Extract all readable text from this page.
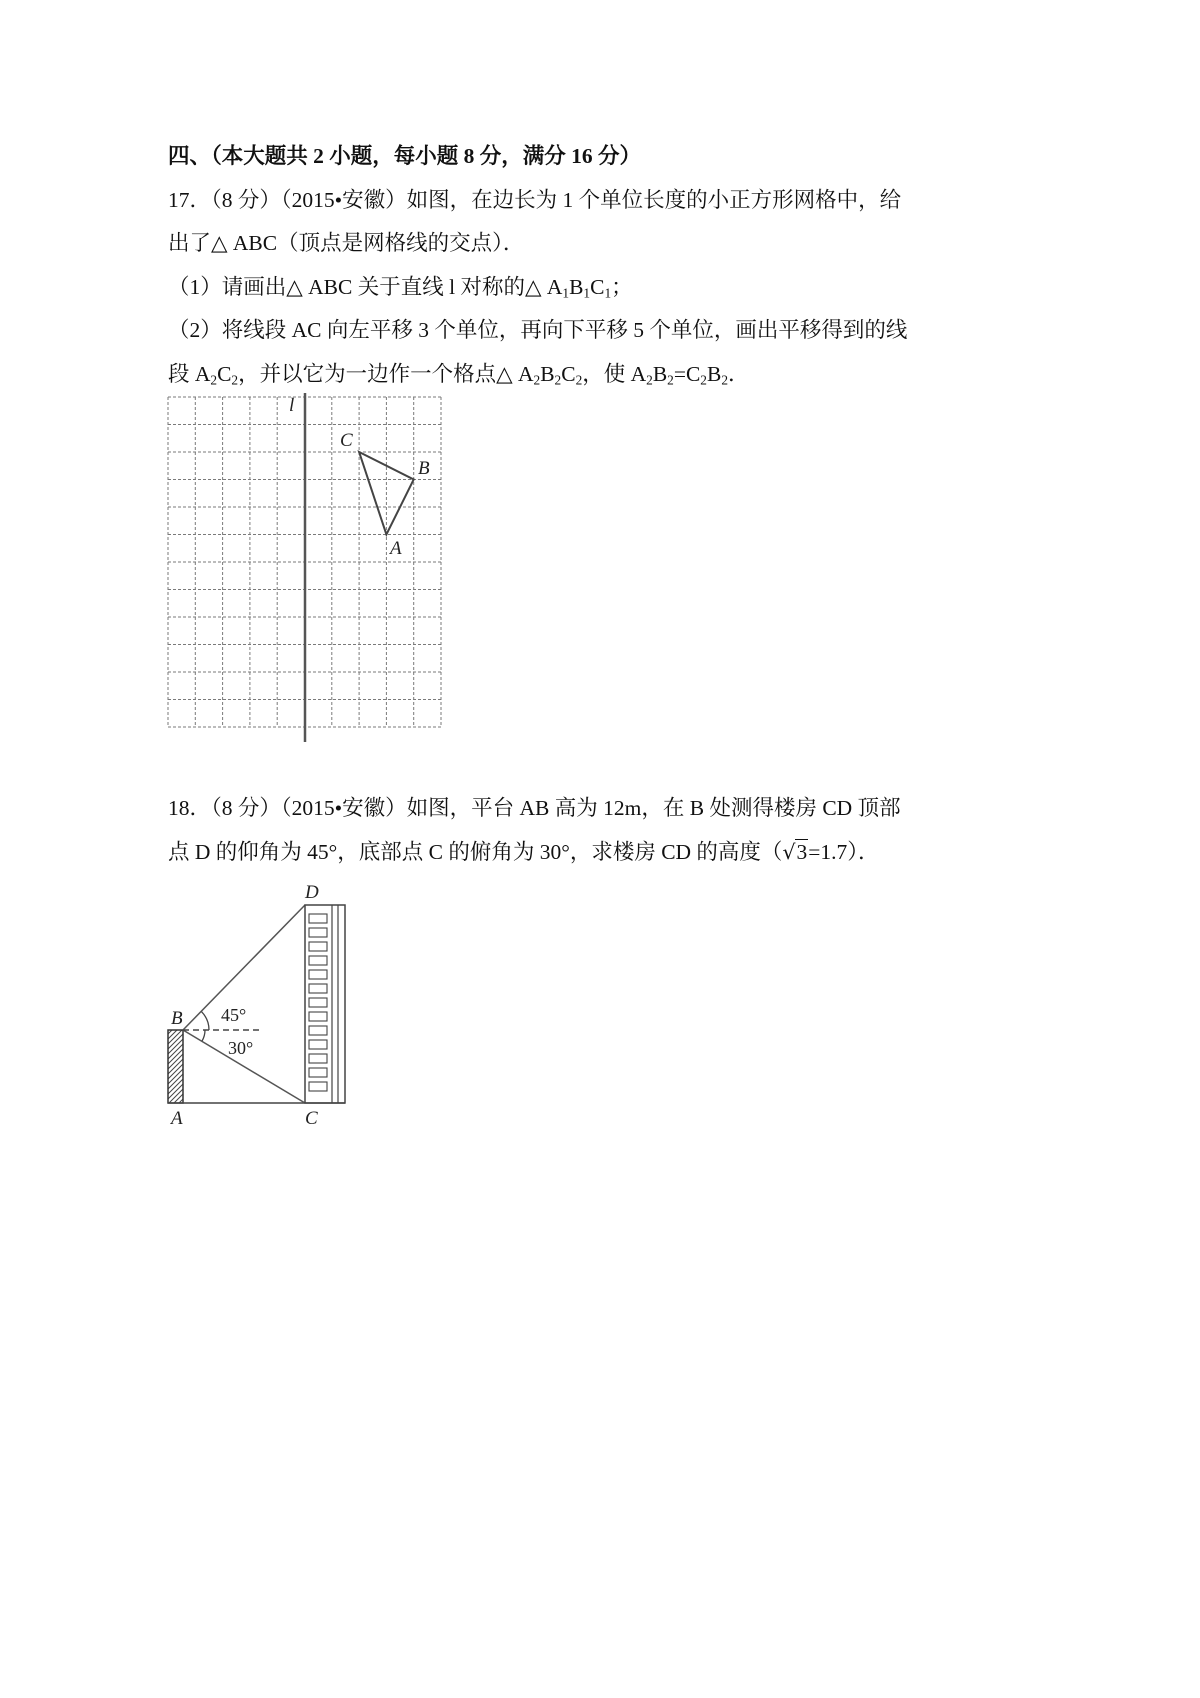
四、（本大题共 2 小题，每小题 8 分，满分 16 分）
17．（8 分）（2015•安徽）如图，在边长为 1 个单位长度的小正方形网格中，给
出了△ ABC（顶点是网格线的交点）．
（1）请画出△ ABC 关于直线 l 对称的△ $A_1B_1C_1$；
（2）将线段 AC 向左平移 3 个单位，再向下平移 5 个单位，画出平移得到的线
段 $A_2C_2$，并以它为一边作一个格点△ $A_2B_2C_2$，使 $A_2B_2=C_2B_2$．
l
C
B
A
18．（8 分）（2015•安徽）如图，平台 AB 高为 12m，在 B 处测得楼房 CD 顶部
点 D 的仰角为 45°，底部点 C 的俯角为 30°，求楼房 CD 的高度（√3=1.7）．
45°
30°
D
B
A	C
